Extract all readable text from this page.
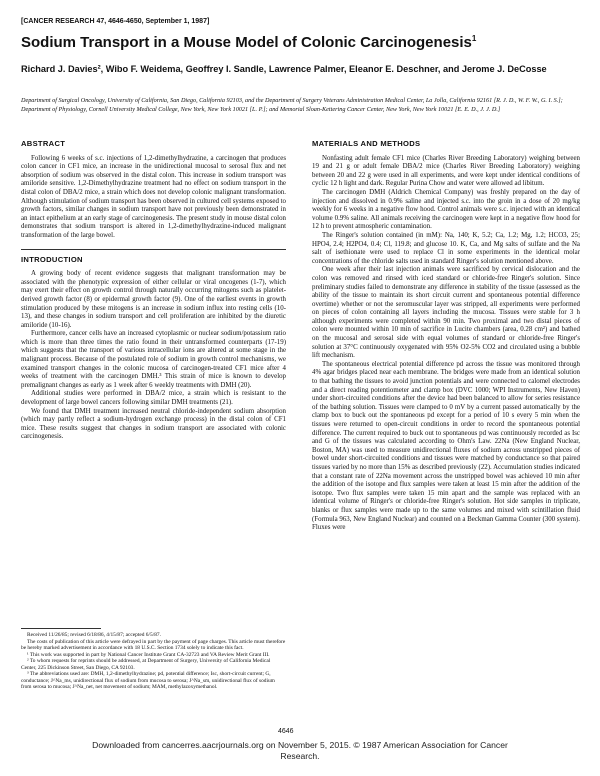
[CANCER RESEARCH 47, 4646-4650, September 1, 1987]
Sodium Transport in a Mouse Model of Colonic Carcinogenesis$^1$
Richard J. Davies², Wibo F. Weidema, Geoffrey I. Sandle, Lawrence Palmer, Eleanor E. Deschner, and Jerome J. DeCosse
Department of Surgical Oncology, University of California, San Diego, California 92103, and the Department of Surgery Veterans Administration Medical Center, La Jolla, California 92161 [R. J. D., W. F. W., G. I. S.]; Department of Physiology, Cornell University Medical College, New York, New York 10021 [L. P.]; and Memorial Sloan-Kettering Cancer Center, New York, New York 10021 [E. E. D., J. J. D.]
ABSTRACT

Following 6 weeks of s.c. injections of 1,2-dimethylhydrazine, a carcinogen that produces colon cancer in CF1 mice, an increase in the unidirectional mucosal to serosal flux and net absorption of sodium was observed in the distal colon. This increase in sodium transport was amiloride sensitive. 1,2-Dimethylhydrazine treatment had no effect on sodium transport in the distal colon of DBA/2 mice, a strain which does not develop colonic malignant transformation. Although stimulation of sodium transport has been observed in cultured cell systems exposed to growth factors, similar changes in sodium transport have not previously been demonstrated in an intact epithelium at an early stage of carcinogenesis. The present study in mouse distal colon demonstrates that sodium transport is altered in 1,2-dimethylhydrazine-induced malignant transformation of the large bowel.

INTRODUCTION

A growing body of recent evidence suggests that malignant transformation may be associated with the phenotypic expression of either cellular or viral oncogenes (1-7), which may exert their effect on growth control through naturally occurring mitogens such as platelet-derived growth factor (8) or epidermal growth factor (9). One of the earliest events in growth stimulation produced by these mitogens is an increase in sodium influx into resting cells (10-13), and these changes in sodium transport and cell proliferation are inhibited by the diuretic amiloride (10-16).

Furthermore, cancer cells have an increased cytoplasmic or nuclear sodium/potassium ratio which is more than three times the ratio found in their untransformed counterparts (17-19) which suggests that the transport of various intracellular ions are altered at some stage in the malignant process. Because of the postulated role of sodium in growth control mechanisms, we examined transport changes in the colonic mucosa of carcinogen-treated CF1 mice after 4 weeks of treatment with the carcinogen DMH.³ This strain of mice is known to develop premalignant changes as early as 1 week after 6 weekly treatments with DMH (20).

Additional studies were performed in DBA/2 mice, a strain which is resistant to the development of large bowel cancers following similar DMH treatments (21).

We found that DMH treatment increased neutral chloride-independent sodium absorption (which may partly reflect a sodium-hydrogen exchange process) in the distal colon of CF1 mice. These results suggest that changes in sodium transport are associated with colonic carcinogenesis.

Received 11/26/85; revised 6/18/86, 4/15/87; accepted 6/5/87.

The costs of publication of this article were defrayed in part by the payment of page charges. This article must therefore be hereby marked advertisement in accordance with 18 U.S.C. Section 1734 solely to indicate this fact.

¹ This work was supported in part by National Cancer Institute Grant CA-32723 and VA Review Merit Grant III.

² To whom requests for reprints should be addressed, at Department of Surgery, University of California Medical Center, 225 Dickinson Street, San Diego, CA 92103.

³ The abbreviations used are: DMH, 1,2-dimethylhydrazine; pd, potential difference; Isc, short-circuit current; G, conductance; J^Na_ms, unidirectional flux of sodium from mucosa to serosa; J^Na_sm, unidirectional flux of sodium from serosa to mucosa; J^Na_net, net movement of sodium; MAM, methylazoxymethanol.

MATERIALS AND METHODS

Nonfasting adult female CF1 mice (Charles River Breeding Laboratory) weighing between 19 and 21 g or adult female DBA/2 mice (Charles River Breeding Laboratory) weighing between 20 and 22 g were used in all experiments, and were kept under identical conditions of cyclic 12 h light and dark. Regular Purina Chow and water were allowed ad libitum.

The carcinogen DMH (Aldrich Chemical Company) was freshly prepared on the day of injection and dissolved in 0.9% saline and injected s.c. into the groin in a dose of 20 mg/kg weekly for 6 weeks in a negative flow hood. Control animals were s.c. injected with an identical volume 0.9% saline. All animals receiving the carcinogen were kept in a negative flow hood for 12 h to prevent atmospheric contamination.

The Ringer's solution contained (in mM): Na, 140; K, 5.2; Ca, 1.2; Mg, 1.2; HCO3, 25; HPO4, 2.4; H2PO4, 0.4; Cl, 119.8; and glucose 10. K, Ca, and Mg salts of sulfate and the Na salt of isethionate were used to replace Cl in some experiments in the identical molar concentrations of the chloride salts used in standard Ringer's solution mentioned above.

One week after their last injection animals were sacrificed by cervical dislocation and the colon was removed and rinsed with iced standard or chloride-free Ringer's solution. Since preliminary studies failed to demonstrate any difference in stability of the tissue (assessed as the ability of the tissue to maintain its short circuit current and spontaneous potential difference overtime) whether or not the seromuscular layer was stripped, all experiments were performed on pieces of colon containing all layers including the mucosa. Tissues were stable for 3 h although experiments were completed within 90 min. Two proximal and two distal pieces of colon were mounted within 10 min of sacrifice in Lucite chambers (area, 0.28 cm²) and bathed on the mucosal and serosal side with equal volumes of standard or chloride-free Ringer's solution at 37°C continuously oxygenated with 95% O2-5% CO2 and circulated using a bubble lift mechanism.

The spontaneous electrical potential difference pd across the tissue was monitored through 4% agar bridges placed near each membrane. The bridges were made from an identical solution to that bathing the tissues to avoid junction potentials and were connected to calomel electrodes and a direct reading potentiometer and clamp box (DVC 1000; WPI Instruments, New Haven) under short-circuited conditions after the device had been balanced to allow for series resistance of the bathing solution. Tissues were clamped to 0 mV by a current passed automatically by the clamp box to buck out the spontaneous pd except for a period of 10 s every 5 min when the tissues were returned to open-circuit conditions in order to record the spontaneous potential difference. The current required to buck out to spontaneous pd was continuously recorded as Isc and G of the tissues was calculated according to Ohm's Law. 22Na (New England Nuclear, Boston, MA) was used to measure unidirectional fluxes of sodium across unstripped pieces of bowel under short-circuited conditions and tissues were matched by conductance so that paired tissues varied by no more than 15% as described previously (22). Accumulation studies indicated that a constant rate of 22Na movement across the unstripped bowel was achieved 10 min after the addition of the isotope and flux samples were taken at least 15 min after the addition of the isotope. Two flux samples were taken 15 min apart and the sample was replaced with an identical volume of Ringer's or chloride-free Ringer's solution. Hot side samples in triplicate, blanks or flux samples were made up to the same volumes and mixed with scintillation fluid (Formula 963, New England Nuclear) and counted on a Beckman Gamma Counter (300 system). Fluxes were

4646
Downloaded from cancerres.aacrjournals.org on November 5, 2015. © 1987 American Association for Cancer
Research.
